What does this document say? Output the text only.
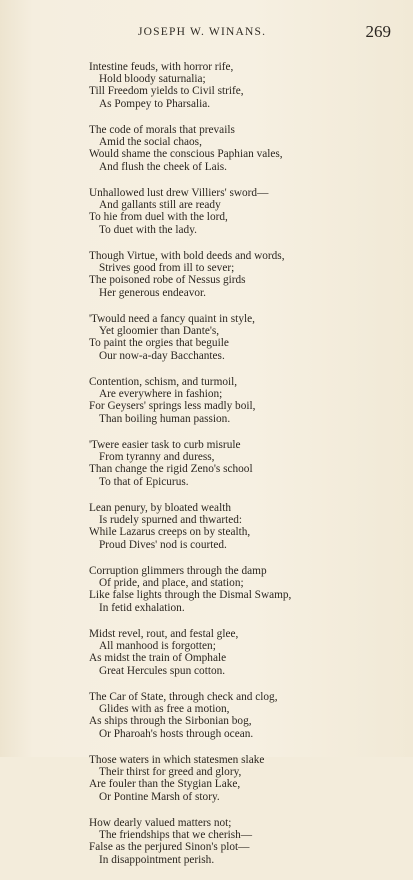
JOSEPH W. WINANS.	269
Intestine feuds, with horror rife,
Hold bloody saturnalia;
Till Freedom yields to Civil strife,
As Pompey to Pharsalia.
The code of morals that prevails
Amid the social chaos,
Would shame the conscious Paphian vales,
And flush the cheek of Lais.
Unhallowed lust drew Villiers' sword—
And gallants still are ready
To hie from duel with the lord,
To duet with the lady.
Though Virtue, with bold deeds and words,
Strives good from ill to sever;
The poisoned robe of Nessus girds
Her generous endeavor.
'Twould need a fancy quaint in style,
Yet gloomier than Dante's,
To paint the orgies that beguile
Our now-a-day Bacchantes.
Contention, schism, and turmoil,
Are everywhere in fashion;
For Geysers' springs less madly boil,
Than boiling human passion.
'Twere easier task to curb misrule
From tyranny and duress,
Than change the rigid Zeno's school
To that of Epicurus.
Lean penury, by bloated wealth
Is rudely spurned and thwarted:
While Lazarus creeps on by stealth,
Proud Dives' nod is courted.
Corruption glimmers through the damp
Of pride, and place, and station;
Like false lights through the Dismal Swamp,
In fetid exhalation.
Midst revel, rout, and festal glee,
All manhood is forgotten;
As midst the train of Omphale
Great Hercules spun cotton.
The Car of State, through check and clog,
Glides with as free a motion,
As ships through the Sirbonian bog,
Or Pharoah's hosts through ocean.
Those waters in which statesmen slake
Their thirst for greed and glory,
Are fouler than the Stygian Lake,
Or Pontine Marsh of story.
How dearly valued matters not;
The friendships that we cherish—
False as the perjured Sinon's plot—
In disappointment perish.
